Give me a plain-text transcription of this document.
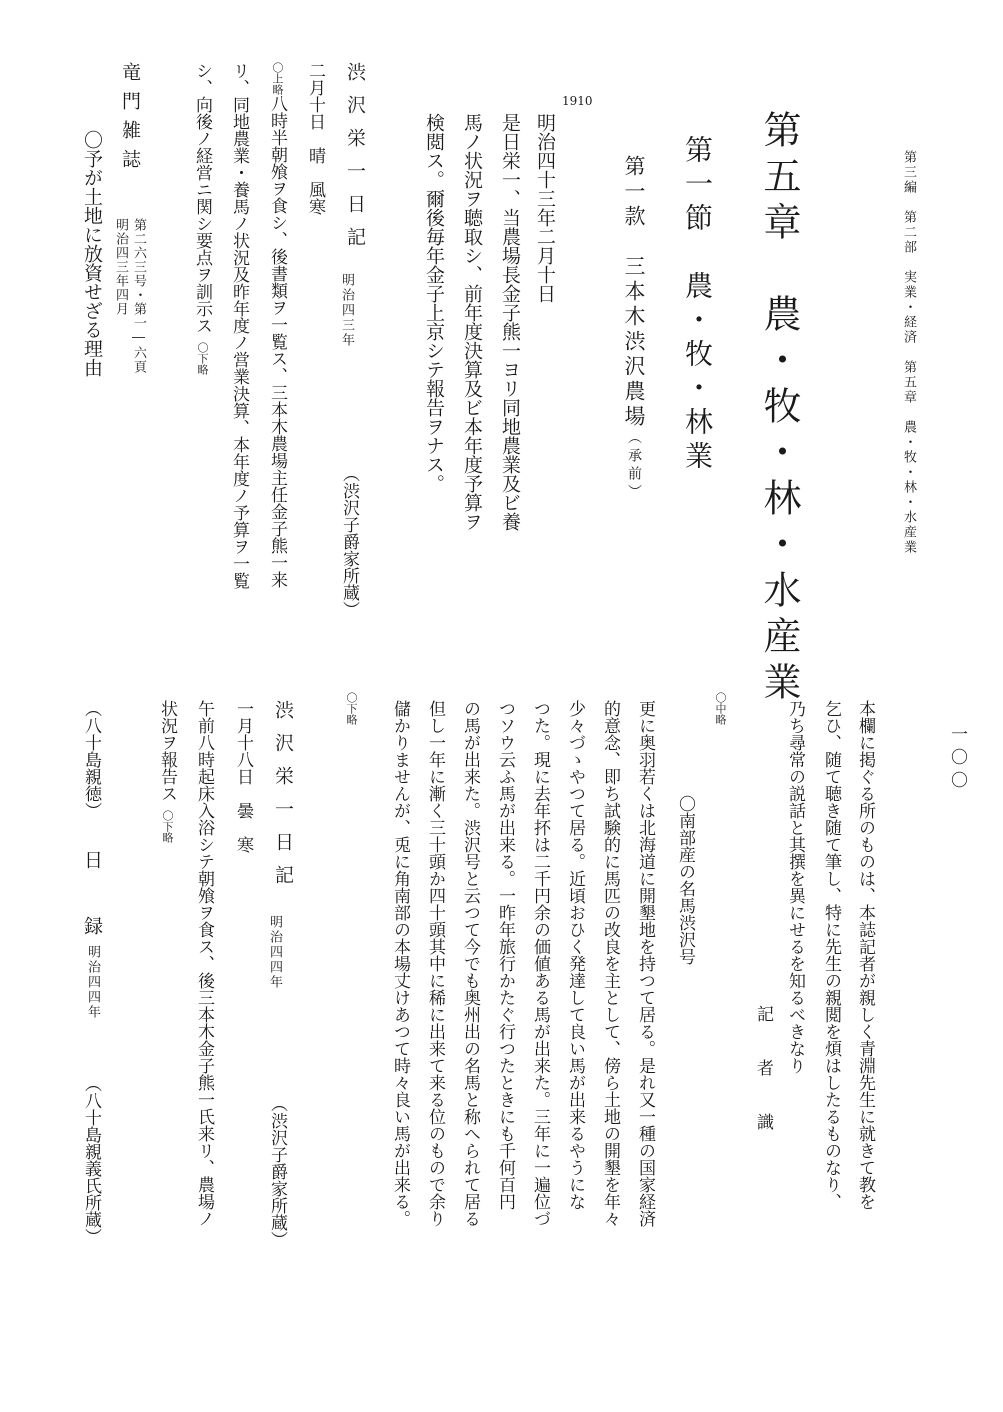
第三編　第二部　実業・経済　第五章　農・牧・林・水産業
第五章　農・牧・林・水産業
第一節　農・牧・林業
第一款　三本木渋沢農場（承前）
1910
明治四十三年二月十日
是日栄一、当農場長金子熊一ヨリ同地農業及ビ養
馬ノ状況ヲ聴取シ、前年度決算及ビ本年度予算ヲ
検閲ス。爾後毎年金子上京シテ報告ヲナス。
渋沢栄一日記
明治四三年
（渋沢子爵家所蔵）
二月十日　晴　風寒
〇上略八時半朝飧ヲ食シ、後書類ヲ一覧ス、三本木農場主任金子熊一来
リ、同地農業・養馬ノ状況及昨年度ノ営業決算、本年度ノ予算ヲ一覧
シ、向後ノ経営ニ関シ要点ヲ訓示ス〇下略
竜門雑誌
第二六三号・第一―六頁
明治四三年四月
〇予が土地に放資せざる理由
一〇〇
本欄に掲ぐる所のものは、本誌記者が親しく青淵先生に就きて教を
乞ひ、随て聴き随て筆し、特に先生の親閲を煩はしたるものなり、
乃ち尋常の説話と其撰を異にせるを知るべきなり
記　者　識
〇中略
〇南部産の名馬渋沢号
更に奥羽若くは北海道に開墾地を持つて居る。是れ又一種の国家経済
的意念、即ち試験的に馬匹の改良を主として、傍ら土地の開墾を年々
少々づゝやつて居る。近頃おひく発達して良い馬が出来るやうにな
つた。現に去年抔は二千円余の価値ある馬が出来た。三年に一遍位づ
つソウ云ふ馬が出来る。一昨年旅行かたぐ行つたときにも千何百円
の馬が出来た。渋沢号と云つて今でも奥州出の名馬と称へられて居る
但し一年に漸く三十頭か四十頭其中に稀に出来て来る位のもので余り
儲かりませんが、兎に角南部の本場丈けあつて時々良い馬が出来る。
〇下略
渋沢栄一日記
明治四四年
（渋沢子爵家所蔵）
一月十八日　曇　寒
午前八時起床入浴シテ朝飧ヲ食ス、後三本木金子熊一氏来リ、農場ノ
状況ヲ報告ス〇下略
（八十島親徳）
日　録
明治四四年
（八十島親義氏所蔵）
